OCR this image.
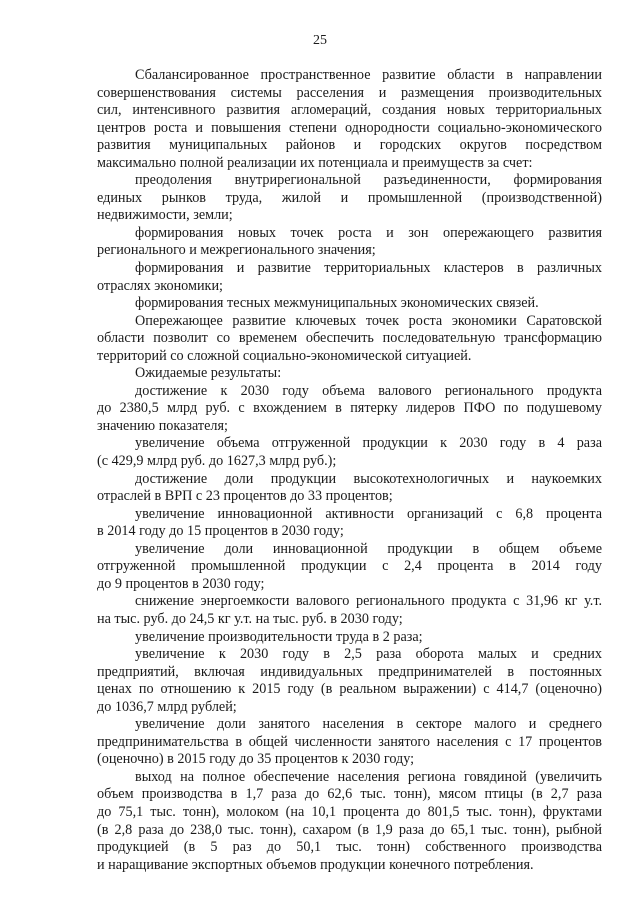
25
Сбалансированное пространственное развитие области в направлении
совершенствования системы расселения и размещения производительных
сил, интенсивного развития агломераций, создания новых территориальных
центров роста и повышения степени однородности социально-экономического
развития муниципальных районов и городских округов посредством
максимально полной реализации их потенциала и преимуществ за счет:
преодоления внутрирегиональной разъединенности, формирования
единых рынков труда, жилой и промышленной (производственной)
недвижимости, земли;
формирования новых точек роста и зон опережающего развития
регионального и межрегионального значения;
формирования и развитие территориальных кластеров в различных
отраслях экономики;
формирования тесных межмуниципальных экономических связей.
Опережающее развитие ключевых точек роста экономики Саратовской
области позволит со временем обеспечить последовательную трансформацию
территорий со сложной социально-экономической ситуацией.
Ожидаемые результаты:
достижение к 2030 году объема валового регионального продукта
до 2380,5 млрд руб. с вхождением в пятерку лидеров ПФО по подушевому
значению показателя;
увеличение объема отгруженной продукции к 2030 году в 4 раза
(с 429,9 млрд руб. до 1627,3 млрд руб.);
достижение доли продукции высокотехнологичных и наукоемких
отраслей в ВРП с 23 процентов до 33 процентов;
увеличение инновационной активности организаций с 6,8 процента
в 2014 году до 15 процентов в 2030 году;
увеличение доли инновационной продукции в общем объеме
отгруженной промышленной продукции с 2,4 процента в 2014 году
до 9 процентов в 2030 году;
снижение энергоемкости валового регионального продукта с 31,96 кг у.т.
на тыс. руб. до 24,5 кг у.т. на тыс. руб. в 2030 году;
увеличение производительности труда в 2 раза;
увеличение к 2030 году в 2,5 раза оборота малых и средних
предприятий, включая индивидуальных предпринимателей в постоянных
ценах по отношению к 2015 году (в реальном выражении) с 414,7 (оценочно)
до 1036,7 млрд рублей;
увеличение доли занятого населения в секторе малого и среднего
предпринимательства в общей численности занятого населения с 17 процентов
(оценочно) в 2015 году до 35 процентов к 2030 году;
выход на полное обеспечение населения региона говядиной (увеличить
объем производства в 1,7 раза до 62,6 тыс. тонн), мясом птицы (в 2,7 раза
до 75,1 тыс. тонн), молоком (на 10,1 процента до 801,5 тыс. тонн), фруктами
(в 2,8 раза до 238,0 тыс. тонн), сахаром (в 1,9 раза до 65,1 тыс. тонн), рыбной
продукцией (в 5 раз до 50,1 тыс. тонн) собственного производства
и наращивание экспортных объемов продукции конечного потребления.
